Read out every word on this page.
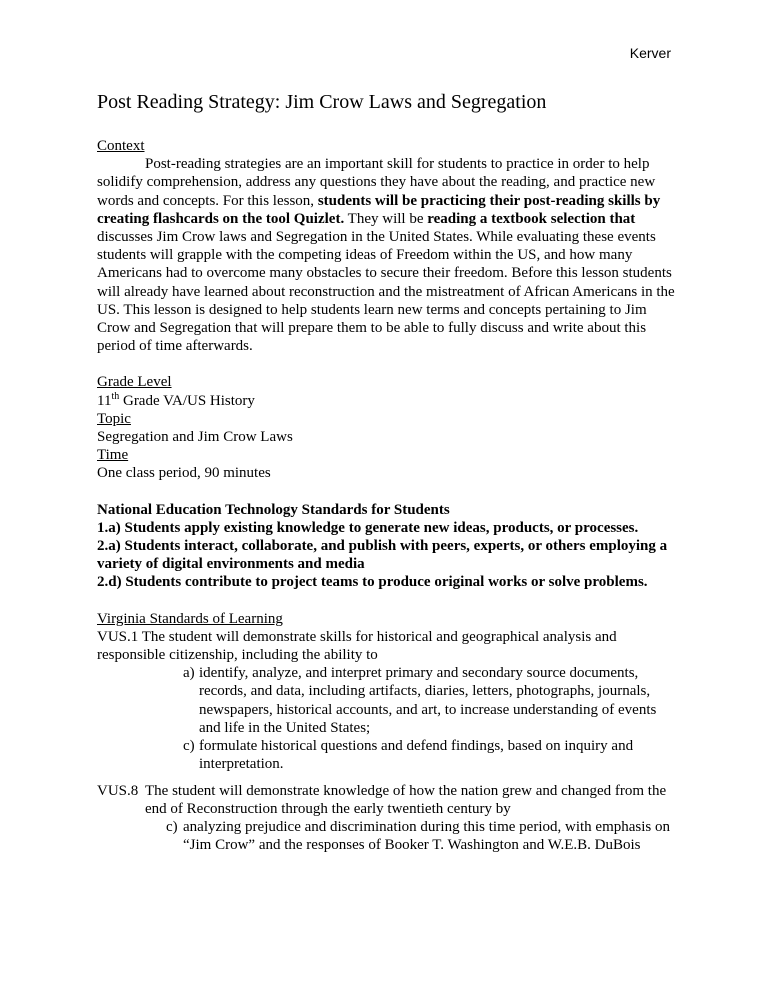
Kerver
Post Reading Strategy: Jim Crow Laws and Segregation

Context

Post-reading strategies are an important skill for students to practice in order to help solidify comprehension, address any questions they have about the reading, and practice new words and concepts. For this lesson, students will be practicing their post-reading skills by creating flashcards on the tool Quizlet. They will be reading a textbook selection that discusses Jim Crow laws and Segregation in the United States. While evaluating these events students will grapple with the competing ideas of Freedom within the US, and how many Americans had to overcome many obstacles to secure their freedom. Before this lesson students will already have learned about reconstruction and the mistreatment of African Americans in the US. This lesson is designed to help students learn new terms and concepts pertaining to Jim Crow and Segregation that will prepare them to be able to fully discuss and write about this period of time afterwards.

Grade Level

11th Grade VA/US History

Topic

Segregation and Jim Crow Laws

Time

One class period, 90 minutes

National Education Technology Standards for Students

1.a) Students apply existing knowledge to generate new ideas, products, or processes.

2.a) Students interact, collaborate, and publish with peers, experts, or others employing a variety of digital environments and media

2.d) Students contribute to project teams to produce original works or solve problems.

Virginia Standards of Learning

VUS.1 The student will demonstrate skills for historical and geographical analysis and responsible citizenship, including the ability to

a) identify, analyze, and interpret primary and secondary source documents, records, and data, including artifacts, diaries, letters, photographs, journals, newspapers, historical accounts, and art, to increase understanding of events and life in the United States;
c) formulate historical questions and defend findings, based on inquiry and interpretation.
VUS.8 The student will demonstrate knowledge of how the nation grew and changed from the end of Reconstruction through the early twentieth century by

c) analyzing prejudice and discrimination during this time period, with emphasis on “Jim Crow” and the responses of Booker T. Washington and W.E.B. DuBois
